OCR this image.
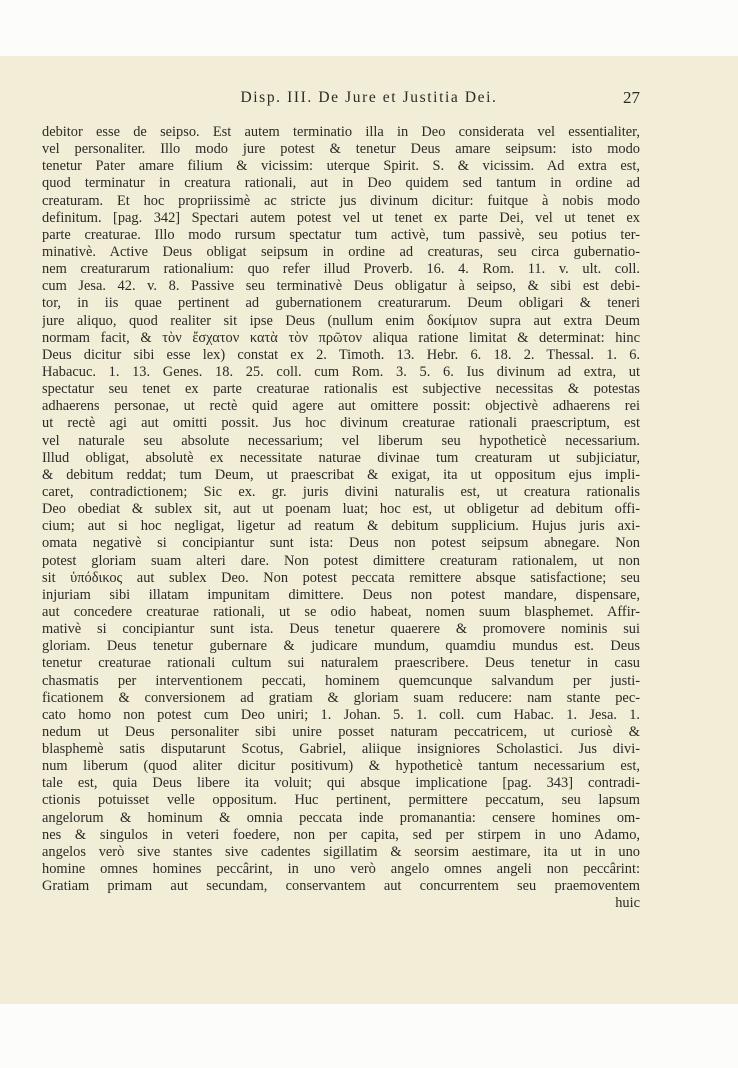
Disp. III. De Jure et Justitia Dei.	27
debitor esse de seipso. Est autem terminatio illa in Deo considerata vel essentialiter,
vel personaliter. Illo modo jure potest & tenetur Deus amare seipsum: isto modo
tenetur Pater amare filium & vicissim: uterque Spirit. S. & vicissim. Ad extra est,
quod terminatur in creatura rationali, aut in Deo quidem sed tantum in ordine ad
creaturam. Et hoc propriissimè ac stricte jus divinum dicitur: fuitque à nobis modo
definitum. [pag. 342] Spectari autem potest vel ut tenet ex parte Dei, vel ut tenet ex
parte creaturae. Illo modo rursum spectatur tum activè, tum passivè, seu potius ter-
minativè. Active Deus obligat seipsum in ordine ad creaturas, seu circa gubernatio-
nem creaturarum rationalium: quo refer illud Proverb. 16. 4. Rom. 11. v. ult. coll.
cum Jesa. 42. v. 8. Passive seu terminativè Deus obligatur à seipso, & sibi est debi-
tor, in iis quae pertinent ad gubernationem creaturarum. Deum obligari & teneri
jure aliquo, quod realiter sit ipse Deus (nullum enim δοκίμιον supra aut extra Deum
normam facit, & τὸν ἔσχατον κατὰ τὸν πρῶτον aliqua ratione limitat & determinat: hinc
Deus dicitur sibi esse lex) constat ex 2. Timoth. 13. Hebr. 6. 18. 2. Thessal. 1. 6.
Habacuc. 1. 13. Genes. 18. 25. coll. cum Rom. 3. 5. 6. Ius divinum ad extra, ut
spectatur seu tenet ex parte creaturae rationalis est subjective necessitas & potestas
adhaerens personae, ut rectè quid agere aut omittere possit: objectivè adhaerens rei
ut rectè agi aut omitti possit. Jus hoc divinum creaturae rationali praescriptum, est
vel naturale seu absolute necessarium; vel liberum seu hypotheticè necessarium.
Illud obligat, absolutè ex necessitate naturae divinae tum creaturam ut subjiciatur,
& debitum reddat; tum Deum, ut praescribat & exigat, ita ut oppositum ejus impli-
caret, contradictionem; Sic ex. gr. juris divini naturalis est, ut creatura rationalis
Deo obediat & sublex sit, aut ut poenam luat; hoc est, ut obligetur ad debitum offi-
cium; aut si hoc negligat, ligetur ad reatum & debitum supplicium. Hujus juris axi-
omata negativè si concipiantur sunt ista: Deus non potest seipsum abnegare. Non
potest gloriam suam alteri dare. Non potest dimittere creaturam rationalem, ut non
sit ὑπόδικος aut sublex Deo. Non potest peccata remittere absque satisfactione; seu
injuriam sibi illatam impunitam dimittere. Deus non potest mandare, dispensare,
aut concedere creaturae rationali, ut se odio habeat, nomen suum blasphemet. Affir-
mativè si concipiantur sunt ista. Deus tenetur quaerere & promovere nominis sui
gloriam. Deus tenetur gubernare & judicare mundum, quamdiu mundus est. Deus
tenetur creaturae rationali cultum sui naturalem praescribere. Deus tenetur in casu
chasmatis per interventionem peccati, hominem quemcunque salvandum per justi-
ficationem & conversionem ad gratiam & gloriam suam reducere: nam stante pec-
cato homo non potest cum Deo uniri; 1. Johan. 5. 1. coll. cum Habac. 1. Jesa. 1.
nedum ut Deus personaliter sibi unire posset naturam peccatricem, ut curiosè &
blasphemè satis disputarunt Scotus, Gabriel, aliique insigniores Scholastici. Jus divi-
num liberum (quod aliter dicitur positivum) & hypotheticè tantum necessarium est,
tale est, quia Deus libere ita voluit; qui absque implicatione [pag. 343] contradi-
ctionis potuisset velle oppositum. Huc pertinent, permittere peccatum, seu lapsum
angelorum & hominum & omnia peccata inde promanantia: censere homines om-
nes & singulos in veteri foedere, non per capita, sed per stirpem in uno Adamo,
angelos verò sive stantes sive cadentes sigillatim & seorsim aestimare, ita ut in uno
homine omnes homines peccârint, in uno verò angelo omnes angeli non peccârint:
Gratiam primam aut secundam, conservantem aut concurrentem seu praemoventem
huic
